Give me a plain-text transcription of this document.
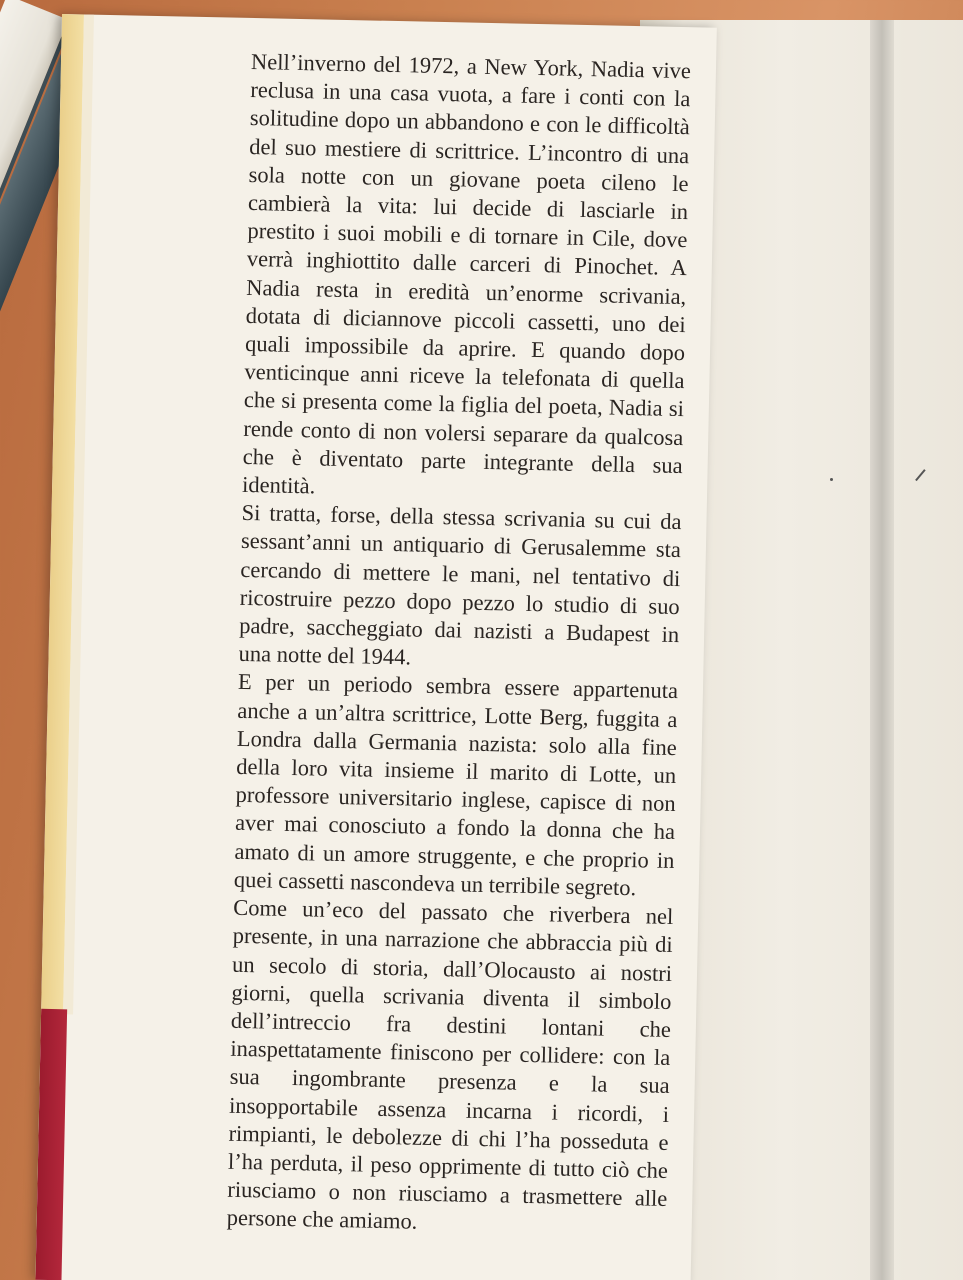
Nell’inverno del 1972, a New York, Nadia vive reclusa in una casa vuota, a fare i conti con la solitudine dopo un abbandono e con le difficoltà del suo mestiere di scrittrice. L’incontro di una sola notte con un giovane poeta cileno le cambierà la vita: lui decide di lasciarle in prestito i suoi mobili e di tornare in Cile, dove verrà inghiottito dalle carceri di Pinochet. A Nadia resta in eredità un’enorme scrivania, dotata di diciannove piccoli cassetti, uno dei quali impossibile da aprire. E quando dopo venticinque anni riceve la telefonata di quella che si presenta come la figlia del poeta, Nadia si rende conto di non volersi separare da qualcosa che è diventato parte integrante della sua identità.

Si tratta, forse, della stessa scrivania su cui da sessant’anni un antiquario di Gerusalemme sta cercando di mettere le mani, nel tentativo di ricostruire pezzo dopo pezzo lo studio di suo padre, saccheggiato dai nazisti a Budapest in una notte del 1944.

E per un periodo sembra essere appartenuta anche a un’altra scrittrice, Lotte Berg, fuggita a Londra dalla Germania nazista: solo alla fine della loro vita insieme il marito di Lotte, un professore universitario inglese, capisce di non aver mai conosciuto a fondo la donna che ha amato di un amore struggente, e che proprio in quei cassetti nascondeva un terribile segreto.

Come un’eco del passato che riverbera nel presente, in una narrazione che abbraccia più di un secolo di storia, dall’Olocausto ai nostri giorni, quella scrivania diventa il simbolo dell’intreccio fra destini lontani che inaspettatamente finiscono per collidere: con la sua ingombrante presenza e la sua insopportabile assenza incarna i ricordi, i rimpianti, le debolezze di chi l’ha posseduta e l’ha perduta, il peso opprimente di tutto ciò che riusciamo o non riusciamo a trasmettere alle persone che amiamo.
